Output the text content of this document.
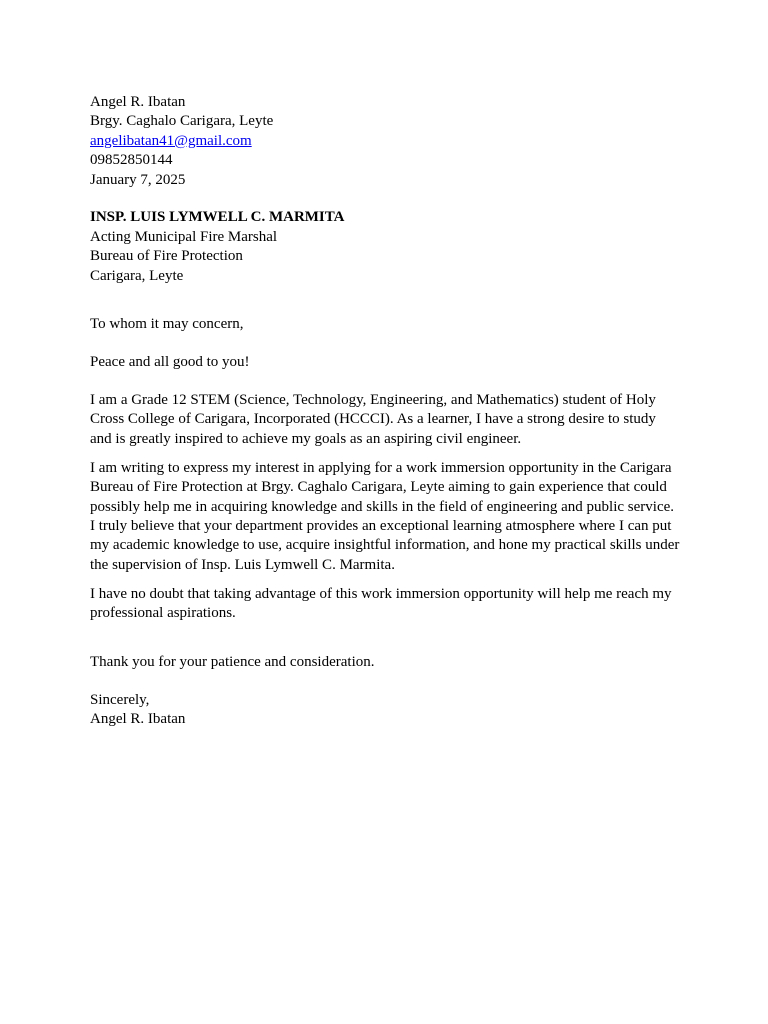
Angel R. Ibatan
Brgy. Caghalo Carigara, Leyte
angelibatan41@gmail.com
09852850144
January 7, 2025
INSP. LUIS LYMWELL C. MARMITA
Acting Municipal Fire Marshal
Bureau of Fire Protection
Carigara, Leyte
To whom it may concern,
Peace and all good to you!

I am a Grade 12 STEM (Science, Technology, Engineering, and Mathematics) student of Holy Cross College of Carigara, Incorporated (HCCCI). As a learner, I have a strong desire to study and is greatly inspired to achieve my goals as an aspiring civil engineer.

I am writing to express my interest in applying for a work immersion opportunity in the Carigara Bureau of Fire Protection at Brgy. Caghalo Carigara, Leyte aiming to gain experience that could possibly help me in acquiring knowledge and skills in the field of engineering and public service. I truly believe that your department provides an exceptional learning atmosphere where I can put my academic knowledge to use, acquire insightful information, and hone my practical skills under the supervision of Insp. Luis Lymwell C. Marmita.

I have no doubt that taking advantage of this work immersion opportunity will help me reach my professional aspirations.

Thank you for your patience and consideration.
Sincerely,
Angel R. Ibatan
